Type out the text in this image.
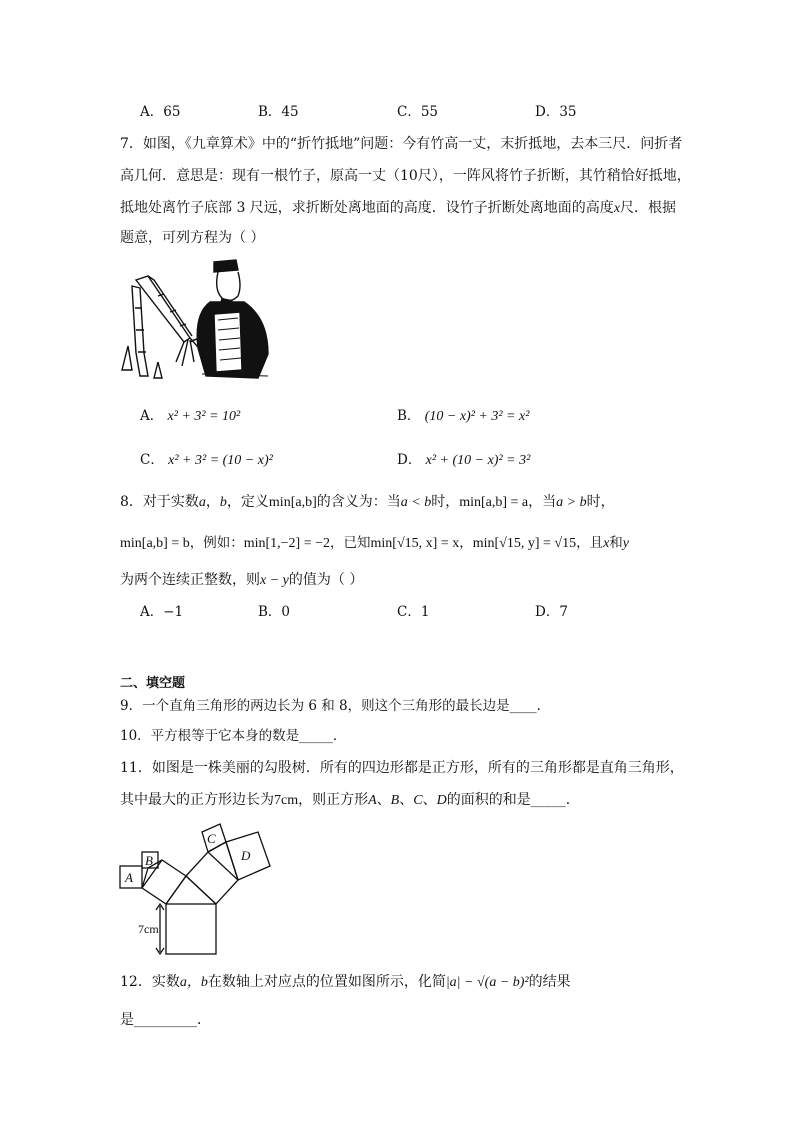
A．65	B．45	C．55	D．35
7．如图，《九章算术》中的“折竹抵地”问题：今有竹高一丈，末折抵地，去本三尺．问折者
高几何．意思是：现有一根竹子，原高一丈（10尺），一阵风将竹子折断，其竹稍恰好抵地，
抵地处离竹子底部 3 尺远，求折断处离地面的高度．设竹子折断处离地面的高度x尺．根据
题意，可列方程为（ ）
A． x² + 3² = 10²	B． (10 − x)² + 3² = x²
C． x² + 3² = (10 − x)²	D． x² + (10 − x)² = 3²
8．对于实数a，b，定义min[a,b]的含义为：当a < b时，min[a,b] = a，当a > b时，
min[a,b] = b，例如：min[1,−2] = −2，已知min[√15, x] = x，min[√15, y] = √15，且x和y
为两个连续正整数，则x − y的值为（ ）
A．−1	B．0	C．1	D．7
二、填空题
9．一个直角三角形的两边长为 6 和 8，则这个三角形的最长边是____．
10．平方根等于它本身的数是_____．
11．如图是一株美丽的勾股树．所有的四边形都是正方形，所有的三角形都是直角三角形，
其中最大的正方形边长为7cm，则正方形A、B、C、D的面积的和是_____．
A
B
C
D
7cm
12．实数a，b在数轴上对应点的位置如图所示，化简|a| − √(a − b)²的结果
是_________．
